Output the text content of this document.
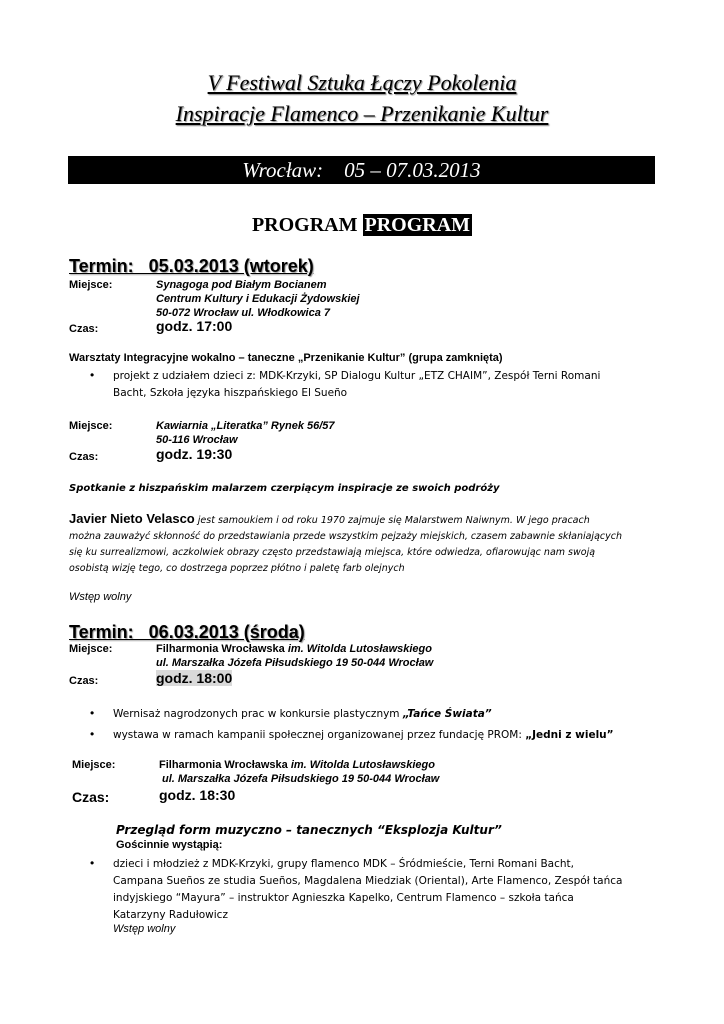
V Festiwal Sztuka Łączy Pokolenia
Inspiracje Flamenco – Przenikanie Kultur
Wrocław:    05 – 07.03.2013
PROGRAM PROGRAM
Termin:   05.03.2013 (wtorek)
Miejsce:	Synagoga pod Białym Bocianem
Centrum Kultury i Edukacji Żydowskiej
50-072 Wrocław ul. Włodkowica 7
Czas:	godz. 17:00
Warsztaty Integracyjne wokalno – taneczne „Przenikanie Kultur” (grupa zamknięta)
• projekt z udziałem dzieci z: MDK-Krzyki, SP Dialogu Kultur „ETZ CHAIM”, Zespół Terni Romani
Bacht, Szkoła języka hiszpańskiego El Sueño
Miejsce:	Kawiarnia „Literatka” Rynek 56/57
50-116 Wrocław
Czas:	godz. 19:30
Spotkanie z hiszpańskim malarzem czerpiącym inspiracje ze swoich podróży
Javier Nieto Velasco jest samoukiem i od roku 1970 zajmuje się Malarstwem Naiwnym. W jego pracach
można zauważyć skłonność do przedstawiania przede wszystkim pejzaży miejskich, czasem zabawnie skłaniających
się ku surrealizmowi, aczkolwiek obrazy często przedstawiają miejsca, które odwiedza, ofiarowując nam swoją
osobistą wizję tego, co dostrzega poprzez płótno i paletę farb olejnych
Wstęp wolny
Termin:   06.03.2013 (środa)
Miejsce:	Filharmonia Wrocławska im. Witolda Lutosławskiego
ul. Marszałka Józefa Piłsudskiego 19 50-044 Wrocław
Czas:	godz. 18:00
• Wernisaż nagrodzonych prac w konkursie plastycznym „Tańce Świata”
• wystawa w ramach kampanii społecznej organizowanej przez fundację PROM: „Jedni z wielu”
Miejsce:	Filharmonia Wrocławska im. Witolda Lutosławskiego
ul. Marszałka Józefa Piłsudskiego 19 50-044 Wrocław
Czas:	godz. 18:30
Przegląd form muzyczno – tanecznych “Eksplozja Kultur”
Gościnnie wystąpią:
• dzieci i młodzież z MDK-Krzyki, grupy flamenco MDK – Śródmieście, Terni Romani Bacht,
Campana Sueños ze studia Sueños, Magdalena Miedziak (Oriental), Arte Flamenco, Zespół tańca
indyjskiego “Mayura” – instruktor Agnieszka Kapelko, Centrum Flamenco – szkoła tańca
Katarzyny Radułowicz
Wstęp wolny
